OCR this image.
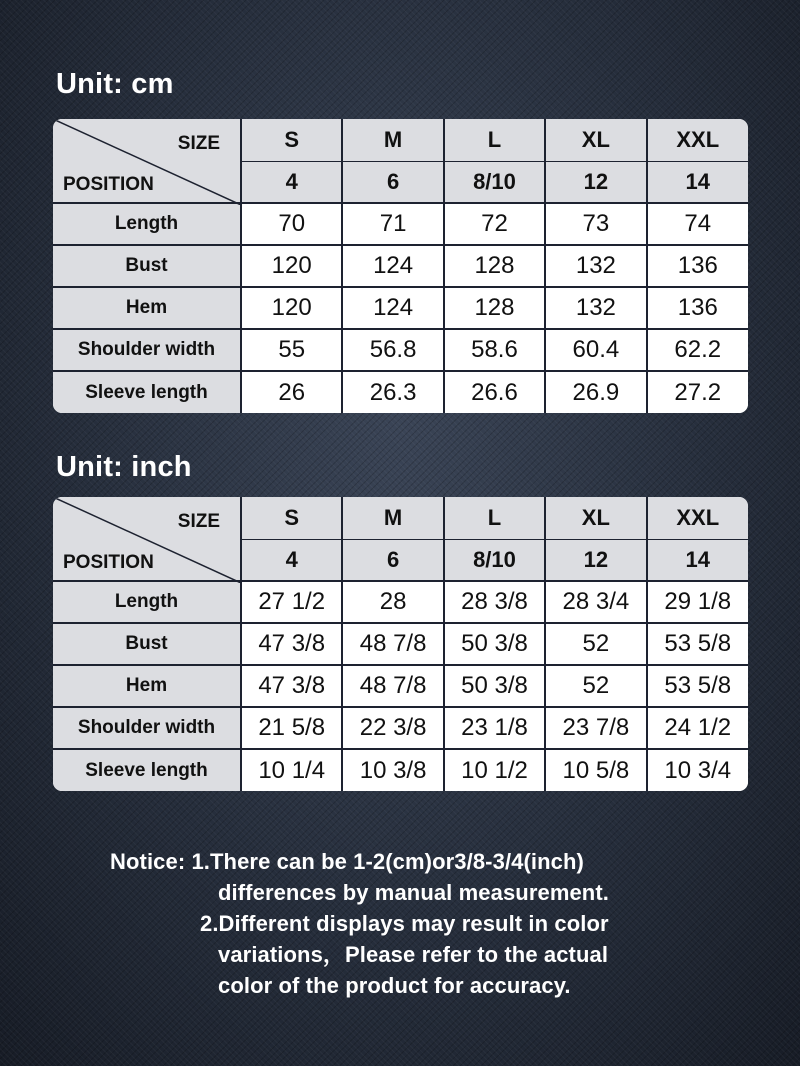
Unit: cm
SIZE
POSITION	S	M	L	XL	XXL
	4	6	8/10	12	14
Length	70	71	72	73	74
Bust	120	124	128	132	136
Hem	120	124	128	132	136
Shoulder width	55	56.8	58.6	60.4	62.2
Sleeve length	26	26.3	26.6	26.9	27.2
Unit: inch
SIZE
POSITION	S	M	L	XL	XXL
	4	6	8/10	12	14
Length	27 1/2	28	28 3/8	28 3/4	29 1/8
Bust	47 3/8	48 7/8	50 3/8	52	53 5/8
Hem	47 3/8	48 7/8	50 3/8	52	53 5/8
Shoulder width	21 5/8	22 3/8	23 1/8	23 7/8	24 1/2
Sleeve length	10 1/4	10 3/8	10 1/2	10 5/8	10 3/4
Notice: 1.There can be 1-2(cm)or3/8-3/4(inch)
differences by manual measurement.
2.Different displays may result in color
variations，Please refer to the actual
color of the product for accuracy.
